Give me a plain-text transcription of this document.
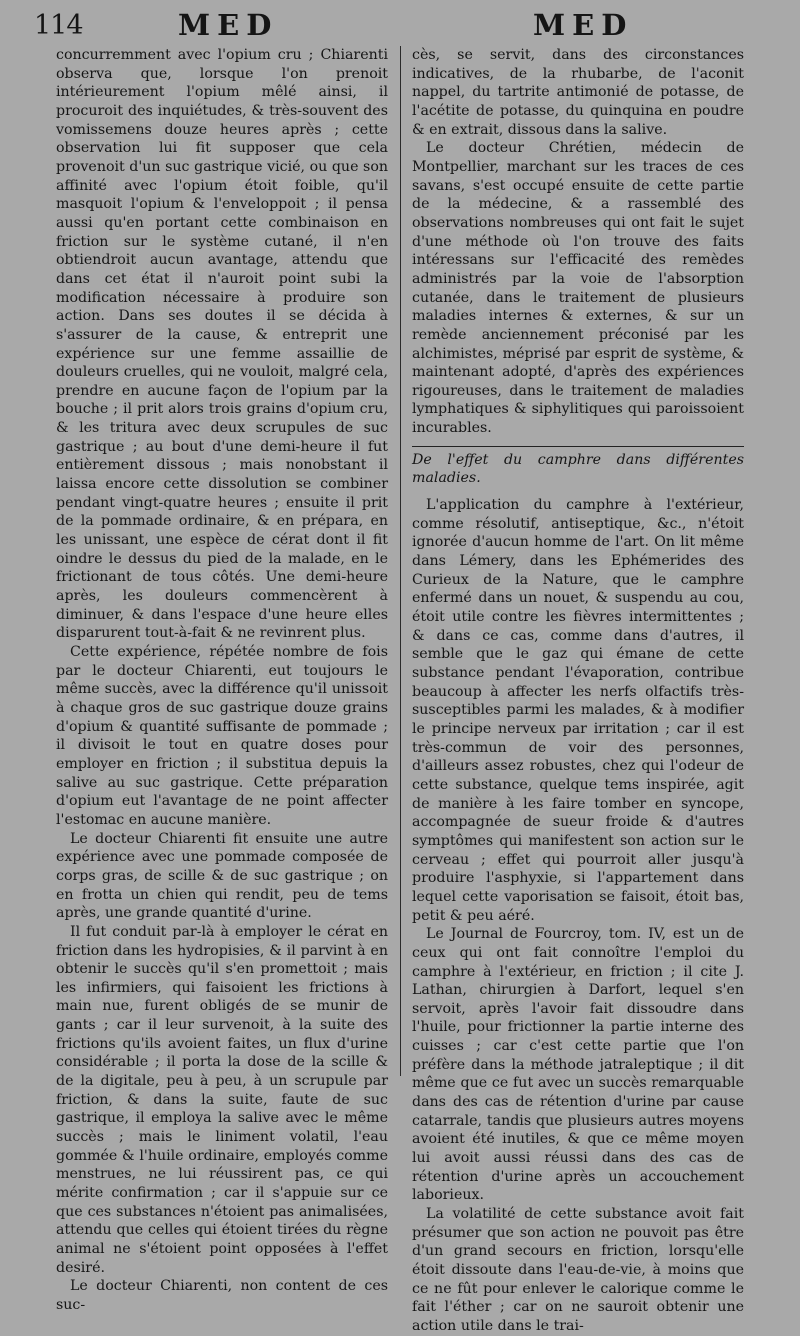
114	MED	MED

concurremment avec l'opium cru ; Chiarenti observa que, lorsque l'on prenoit intérieurement l'opium mêlé ainsi, il procuroit des inquiétudes, & très-souvent des vomissemens douze heures après ; cette observation lui fit supposer que cela provenoit d'un suc gastrique vicié, ou que son affinité avec l'opium étoit foible, qu'il masquoit l'opium & l'enveloppoit ; il pensa aussi qu'en portant cette combinaison en friction sur le système cutané, il n'en obtiendroit aucun avantage, attendu que dans cet état il n'auroit point subi la modification nécessaire à produire son action. Dans ses doutes il se décida à s'assurer de la cause, & entreprit une expérience sur une femme assaillie de douleurs cruelles, qui ne vouloit, malgré cela, prendre en aucune façon de l'opium par la bouche ; il prit alors trois grains d'opium cru, & les tritura avec deux scrupules de suc gastrique ; au bout d'une demi-heure il fut entièrement dissous ; mais nonobstant il laissa encore cette dissolution se combiner pendant vingt-quatre heures ; ensuite il prit de la pommade ordinaire, & en prépara, en les unissant, une espèce de cérat dont il fit oindre le dessus du pied de la malade, en le frictionant de tous côtés. Une demi-heure après, les douleurs commencèrent à diminuer, & dans l'espace d'une heure elles disparurent tout-à-fait & ne revinrent plus.

Cette expérience, répétée nombre de fois par le docteur Chiarenti, eut toujours le même succès, avec la différence qu'il unissoit à chaque gros de suc gastrique douze grains d'opium & quantité suffisante de pommade ; il divisoit le tout en quatre doses pour employer en friction ; il substitua depuis la salive au suc gastrique. Cette préparation d'opium eut l'avantage de ne point affecter l'estomac en aucune manière.

Le docteur Chiarenti fit ensuite une autre expérience avec une pommade composée de corps gras, de scille & de suc gastrique ; on en frotta un chien qui rendit, peu de tems après, une grande quantité d'urine.

Il fut conduit par-là à employer le cérat en friction dans les hydropisies, & il parvint à en obtenir le succès qu'il s'en promettoit ; mais les infirmiers, qui faisoient les frictions à main nue, furent obligés de se munir de gants ; car il leur survenoit, à la suite des frictions qu'ils avoient faites, un flux d'urine considérable ; il porta la dose de la scille & de la digitale, peu à peu, à un scrupule par friction, & dans la suite, faute de suc gastrique, il employa la salive avec le même succès ; mais le liniment volatil, l'eau gommée & l'huile ordinaire, employés comme menstrues, ne lui réussirent pas, ce qui mérite confirmation ; car il s'appuie sur ce que ces substances n'étoient pas animalisées, attendu que celles qui étoient tirées du règne animal ne s'étoient point opposées à l'effet desiré.

Le docteur Chiarenti, non content de ces suc-

cès, se servit, dans des circonstances indicatives, de la rhubarbe, de l'aconit nappel, du tartrite antimonié de potasse, de l'acétite de potasse, du quinquina en poudre & en extrait, dissous dans la salive.

Le docteur Chrétien, médecin de Montpellier, marchant sur les traces de ces savans, s'est occupé ensuite de cette partie de la médecine, & a rassemblé des observations nombreuses qui ont fait le sujet d'une méthode où l'on trouve des faits intéressans sur l'efficacité des remèdes administrés par la voie de l'absorption cutanée, dans le traitement de plusieurs maladies internes & externes, & sur un remède anciennement préconisé par les alchimistes, méprisé par esprit de système, & maintenant adopté, d'après des expériences rigoureuses, dans le traitement de maladies lymphatiques & siphylitiques qui paroissoient incurables.

De l'effet du camphre dans différentes maladies.

L'application du camphre à l'extérieur, comme résolutif, antiseptique, &c., n'étoit ignorée d'aucun homme de l'art. On lit même dans Lémery, dans les Ephémerides des Curieux de la Nature, que le camphre enfermé dans un nouet, & suspendu au cou, étoit utile contre les fièvres intermittentes ; & dans ce cas, comme dans d'autres, il semble que le gaz qui émane de cette substance pendant l'évaporation, contribue beaucoup à affecter les nerfs olfactifs très-susceptibles parmi les malades, & à modifier le principe nerveux par irritation ; car il est très-commun de voir des personnes, d'ailleurs assez robustes, chez qui l'odeur de cette substance, quelque tems inspirée, agit de manière à les faire tomber en syncope, accompagnée de sueur froide & d'autres symptômes qui manifestent son action sur le cerveau ; effet qui pourroit aller jusqu'à produire l'asphyxie, si l'appartement dans lequel cette vaporisation se faisoit, étoit bas, petit & peu aéré.

Le Journal de Fourcroy, tom. IV, est un de ceux qui ont fait connoître l'emploi du camphre à l'extérieur, en friction ; il cite J. Lathan, chirurgien à Darfort, lequel s'en servoit, après l'avoir fait dissoudre dans l'huile, pour frictionner la partie interne des cuisses ; car c'est cette partie que l'on préfère dans la méthode jatraleptique ; il dit même que ce fut avec un succès remarquable dans des cas de rétention d'urine par cause catarrale, tandis que plusieurs autres moyens avoient été inutiles, & que ce même moyen lui avoit aussi réussi dans des cas de rétention d'urine après un accouchement laborieux.

La volatilité de cette substance avoit fait présumer que son action ne pouvoit pas être d'un grand secours en friction, lorsqu'elle étoit dissoute dans l'eau-de-vie, à moins que ce ne fût pour enlever le calorique comme le fait l'éther ; car on ne sauroit obtenir une action utile dans le trai-
